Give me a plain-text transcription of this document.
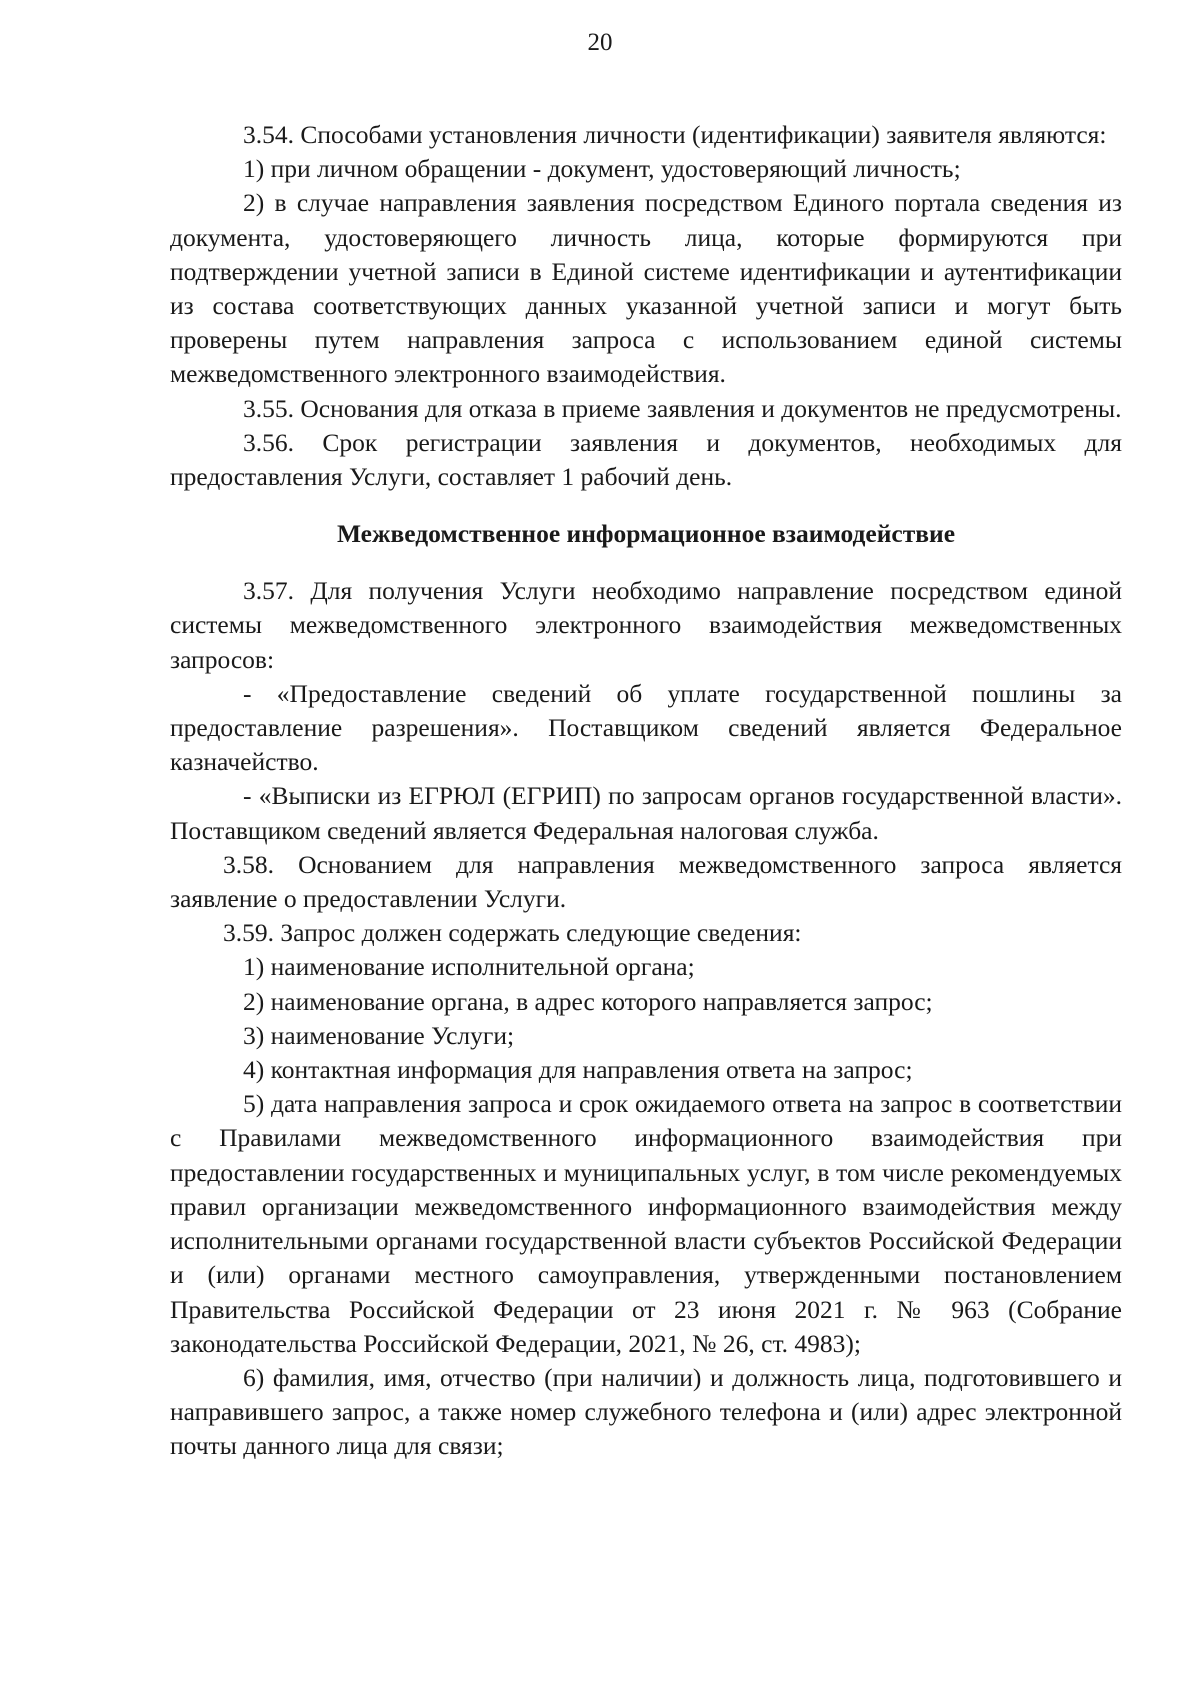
20

3.54. Способами установления личности (идентификации) заявителя являются:

1) при личном обращении - документ, удостоверяющий личность;

2) в случае направления заявления посредством Единого портала сведения из документа, удостоверяющего личность лица, которые формируются при подтверждении учетной записи в Единой системе идентификации и аутентификации из состава соответствующих данных указанной учетной записи и могут быть проверены путем направления запроса с использованием единой системы межведомственного электронного взаимодействия.

3.55. Основания для отказа в приеме заявления и документов не предусмотрены.

3.56. Срок регистрации заявления и документов, необходимых для предоставления Услуги, составляет 1 рабочий день.

Межведомственное информационное взаимодействие

3.57. Для получения Услуги необходимо направление посредством единой системы межведомственного электронного взаимодействия межведомственных запросов:

- «Предоставление сведений об уплате государственной пошлины за предоставление разрешения». Поставщиком сведений является Федеральное казначейство.

- «Выписки из ЕГРЮЛ (ЕГРИП) по запросам органов государственной власти». Поставщиком сведений является Федеральная налоговая служба.

3.58. Основанием для направления межведомственного запроса является заявление о предоставлении Услуги.

3.59. Запрос должен содержать следующие сведения:

1) наименование исполнительной органа;

2) наименование органа, в адрес которого направляется запрос;

3) наименование Услуги;

4) контактная информация для направления ответа на запрос;

5) дата направления запроса и срок ожидаемого ответа на запрос в соответствии с Правилами межведомственного информационного взаимодействия при предоставлении государственных и муниципальных услуг, в том числе рекомендуемых правил организации межведомственного информационного взаимодействия между исполнительными органами государственной власти субъектов Российской Федерации и (или) органами местного самоуправления, утвержденными постановлением Правительства Российской Федерации от 23 июня 2021 г. № 963 (Собрание законодательства Российской Федерации, 2021, № 26, ст. 4983);

6) фамилия, имя, отчество (при наличии) и должность лица, подготовившего и направившего запрос, а также номер служебного телефона и (или) адрес электронной почты данного лица для связи;
